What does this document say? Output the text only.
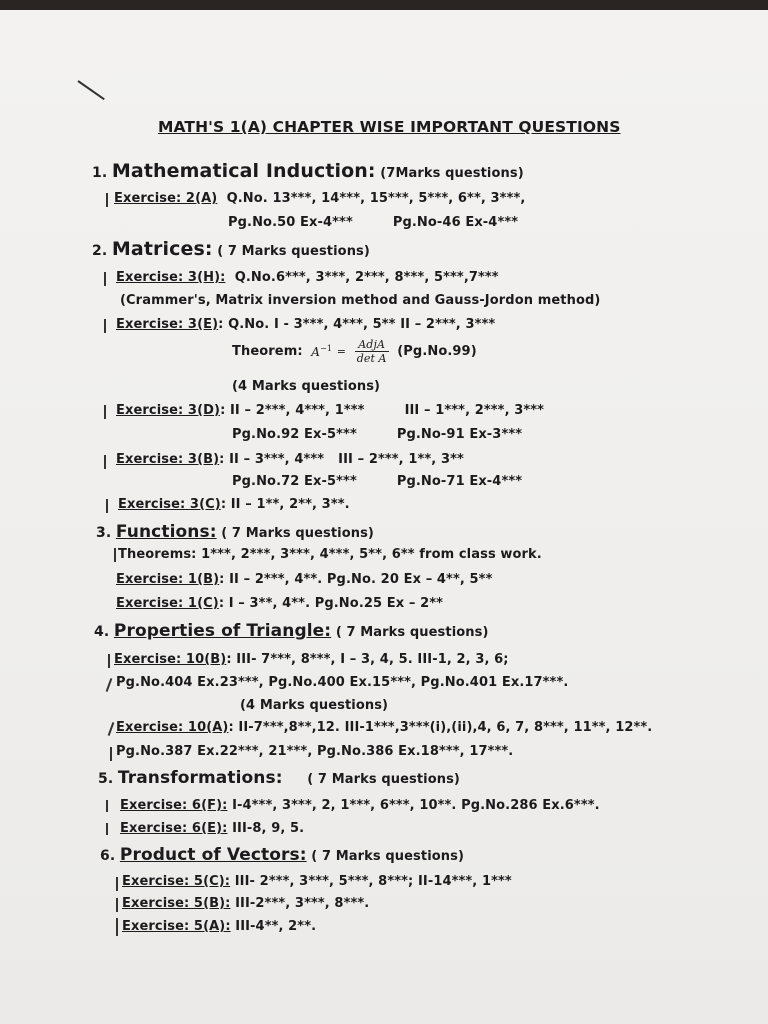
MATH'S 1(A) CHAPTER WISE IMPORTANT QUESTIONS
1. Mathematical Induction: (7Marks questions)
Exercise: 2(A) Q.No. 13***, 14***, 15***, 5***, 6**, 3***,
Pg.No.50 Ex-4***	Pg.No-46 Ex-4***
2. Matrices: ( 7 Marks questions)
Exercise: 3(H): Q.No.6***, 3***, 2***, 8***, 5***,7***
(Crammer's, Matrix inversion method and Gauss-Jordon method)
Exercise: 3(E): Q.No. I - 3***, 4***, 5** II – 2***, 3***
Theorem: $A^{-1} = \frac{\text{AdjA}}{\text{det A}} (Pg.No.99)$
(4 Marks questions)
Exercise: 3(D): II – 2***, 4***, 1***	III – 1***, 2***, 3***
Pg.No.92 Ex-5***	Pg.No-91 Ex-3***
Exercise: 3(B): II – 3***, 4*** III – 2***, 1**, 3**
Pg.No.72 Ex-5***	Pg.No-71 Ex-4***
Exercise: 3(C): II – 1**, 2**, 3**.
3. Functions: ( 7 Marks questions)
Theorems: 1***, 2***, 3***, 4***, 5**, 6** from class work.
Exercise: 1(B): II – 2***, 4**. Pg.No. 20 Ex – 4**, 5**
Exercise: 1(C): I – 3**, 4**. Pg.No.25 Ex – 2**
4. Properties of Triangle: ( 7 Marks questions)
Exercise: 10(B): III- 7***, 8***, I – 3, 4, 5. III-1, 2, 3, 6;
Pg.No.404 Ex.23***, Pg.No.400 Ex.15***, Pg.No.401 Ex.17***.
(4 Marks questions)
Exercise: 10(A): II-7***,8**,12. III-1***,3***(i),(ii),4, 6, 7, 8***, 11**, 12**.
Pg.No.387 Ex.22***, 21***, Pg.No.386 Ex.18***, 17***.
5. Transformations: ( 7 Marks questions)
Exercise: 6(F): I-4***, 3***, 2, 1***, 6***, 10**. Pg.No.286 Ex.6***.
Exercise: 6(E): III-8, 9, 5.
6. Product of Vectors: ( 7 Marks questions)
Exercise: 5(C): III- 2***, 3***, 5***, 8***; II-14***, 1***
Exercise: 5(B): III-2***, 3***, 8***.
Exercise: 5(A): III-4**, 2**.
